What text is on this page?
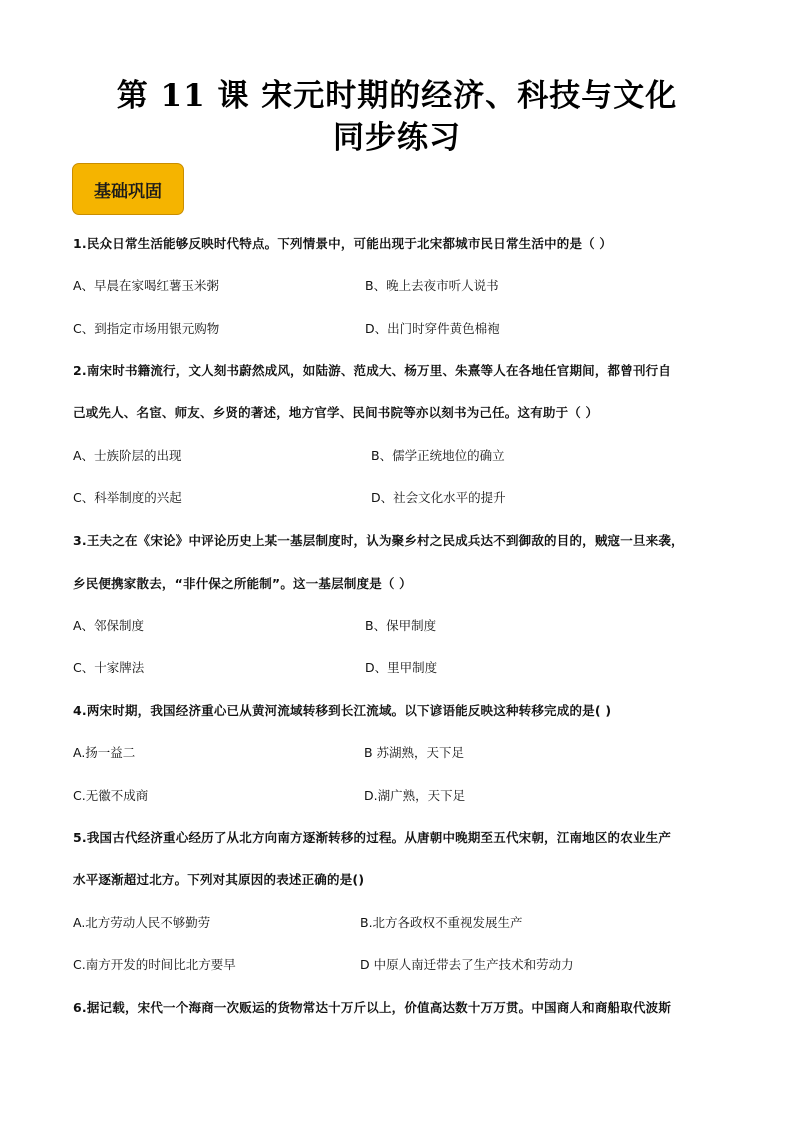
第 11 课 宋元时期的经济、科技与文化
同步练习
基础巩固
1.民众日常生活能够反映时代特点。下列情景中，可能出现于北宋都城市民日常生活中的是（ ）
A、早晨在家喝红薯玉米粥	B、晚上去夜市听人说书
C、到指定市场用银元购物	D、出门时穿件黄色棉袍
2.南宋时书籍流行，文人刻书蔚然成风，如陆游、范成大、杨万里、朱熹等人在各地任官期间，都曾刊行自
己或先人、名宦、师友、乡贤的著述，地方官学、民间书院等亦以刻书为己任。这有助于（ ）
A、士族阶层的出现	B、儒学正统地位的确立
C、科举制度的兴起	D、社会文化水平的提升
3.王夫之在《宋论》中评论历史上某一基层制度时，认为聚乡村之民成兵达不到御敌的目的，贼寇一旦来袭，
乡民便携家散去，“非什保之所能制”。这一基层制度是（ ）
A、邻保制度	B、保甲制度
C、十家牌法	D、里甲制度
4.两宋时期，我国经济重心已从黄河流域转移到长江流域。以下谚语能反映这种转移完成的是( )
A.扬一益二	B 苏湖熟，天下足
C.无徽不成商	D.湖广熟，天下足
5.我国古代经济重心经历了从北方向南方逐渐转移的过程。从唐朝中晚期至五代宋朝，江南地区的农业生产
水平逐渐超过北方。下列对其原因的表述正确的是()
A.北方劳动人民不够勤劳	B.北方各政权不重视发展生产
C.南方开发的时间比北方要早	D 中原人南迁带去了生产技术和劳动力
6.据记载，宋代一个海商一次贩运的货物常达十万斤以上，价值高达数十万万贯。中国商人和商船取代波斯
